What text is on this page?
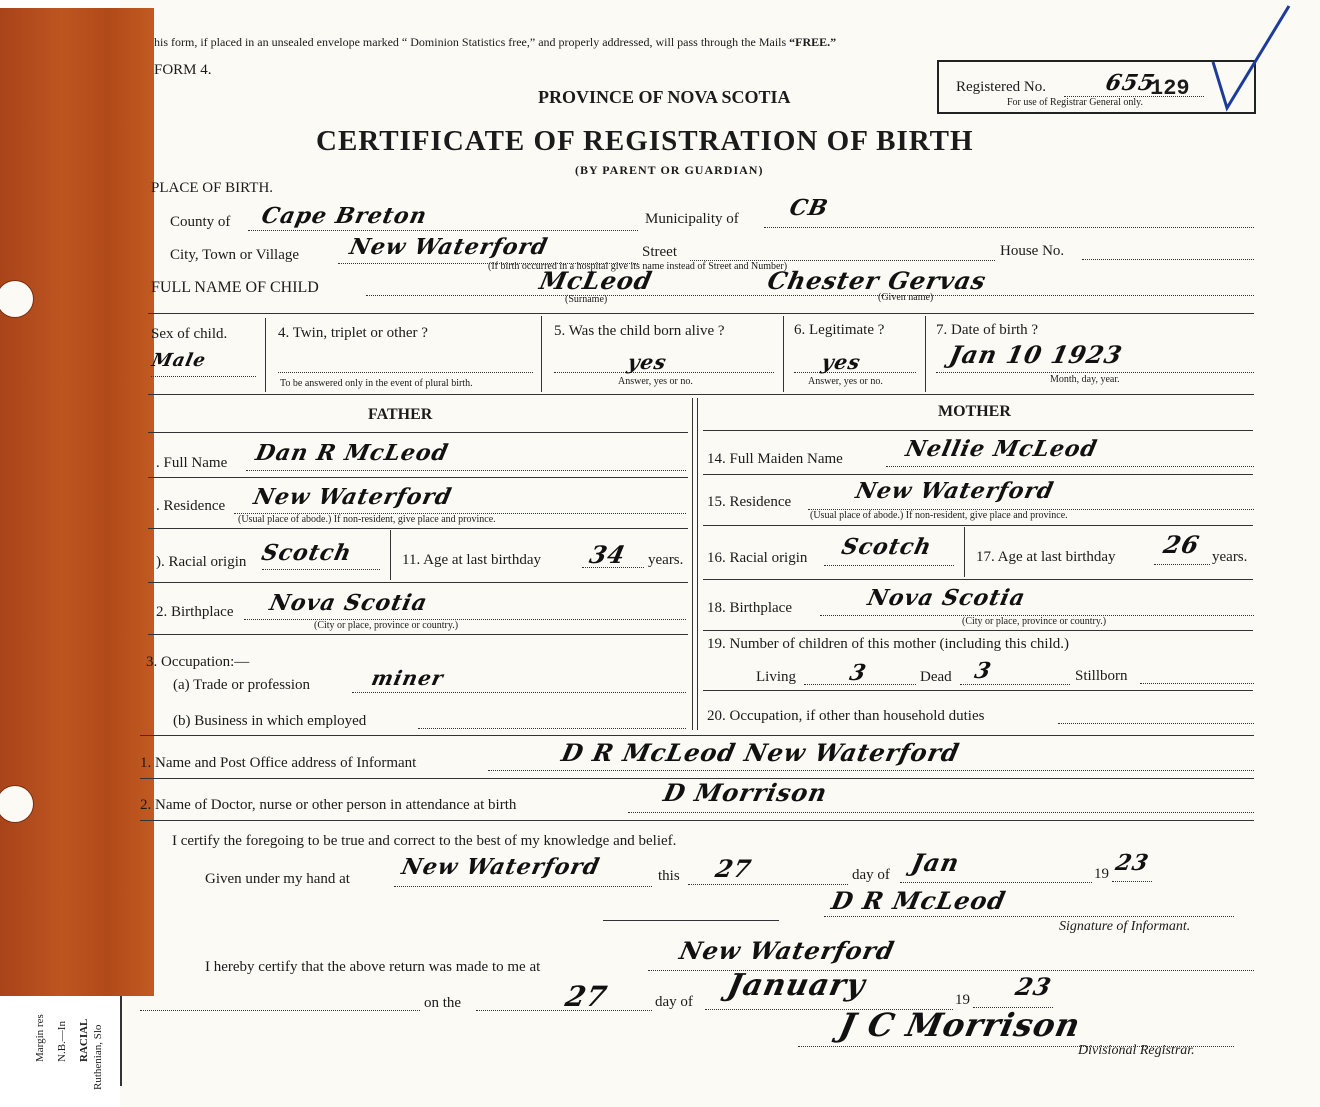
Margin res N.B.—In RACIAL Ruthenian, Slo
his form, if placed in an unsealed envelope marked “ Dominion Statistics free,” and properly addressed, will pass through the Mails “FREE.”
FORM 4.
PROVINCE OF NOVA SCOTIA
CERTIFICATE OF REGISTRATION OF BIRTH
(BY PARENT OR GUARDIAN)
Registered No.	655
129
For use of Registrar General only.
PLACE OF BIRTH.
County of Cape Breton	Municipality of CB
City, Town or Village New Waterford	Street	House No.
(If birth occurred in a hospital give its name instead of Street and Number)
FULL NAME OF CHILD	McLeod	Chester Gervas
(Surname)	(Given name)
Sex of child.
Male
4. Twin, triplet or other ?
To be answered only in the event of plural birth.
5. Was the child born alive ?
yes
Answer, yes or no.
6. Legitimate ?
yes
Answer, yes or no.
7. Date of birth ?
Jan 10 1923
Month, day, year.
FATHER
. Full Name Dan R McLeod
. Residence New Waterford
(Usual place of abode.) If non-resident, give place and province.
). Racial origin Scotch	11. Age at last birthday 34 years.
2. Birthplace Nova Scotia
(City or place, province or country.)
3. Occupation:—
(a) Trade or profession	miner
(b) Business in which employed
MOTHER
14. Full Maiden Name	Nellie McLeod
15. Residence	New Waterford
(Usual place of abode.) If non-resident, give place and province.
16. Racial origin Scotch	17. Age at last birthday 26 years.
18. Birthplace	Nova Scotia
(City or place, province or country.)
19. Number of children of this mother (including this child.)
Living 3	Dead 3	Stillborn
20. Occupation, if other than household duties
1. Name and Post Office address of Informant	D R McLeod New Waterford
2. Name of Doctor, nurse or other person in attendance at birth	D Morrison
I certify the foregoing to be true and correct to the best of my knowledge and belief.
Given under my hand at New Waterford	this 27	day of Jan	19 23
D R McLeod
Signature of Informant.
I hereby certify that the above return was made to me at
New Waterford
on the	27	day of January	19 23
J C Morrison
Divisional Registrar.
